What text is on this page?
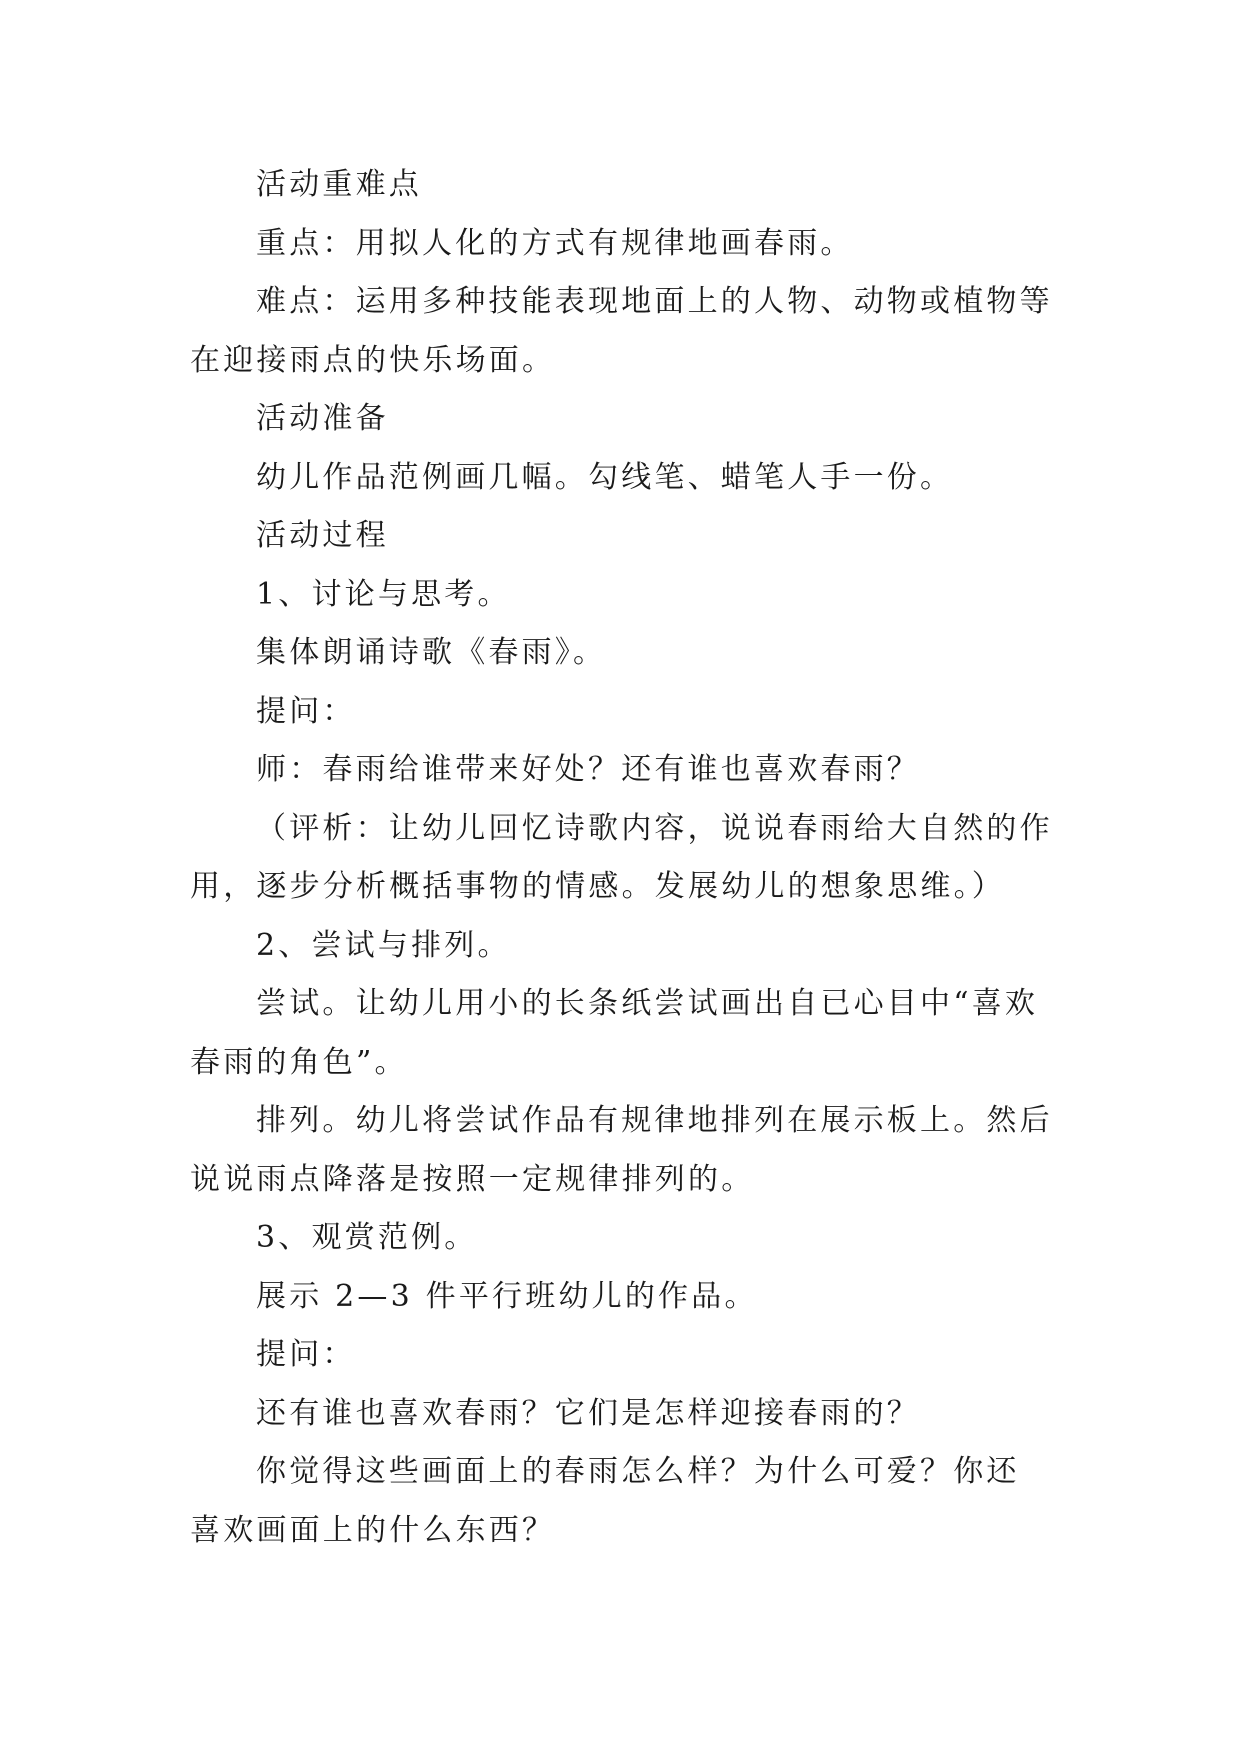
活动重难点
重点：用拟人化的方式有规律地画春雨。
难点：运用多种技能表现地面上的人物、动物或植物等
在迎接雨点的快乐场面。
活动准备
幼儿作品范例画几幅。勾线笔、蜡笔人手一份。
活动过程
1、讨论与思考。
集体朗诵诗歌《春雨》。
提问：
师：春雨给谁带来好处？还有谁也喜欢春雨？
（评析：让幼儿回忆诗歌内容，说说春雨给大自然的作
用，逐步分析概括事物的情感。发展幼儿的想象思维。）
2、尝试与排列。
尝试。让幼儿用小的长条纸尝试画出自已心目中“喜欢
春雨的角色”。
排列。幼儿将尝试作品有规律地排列在展示板上。然后
说说雨点降落是按照一定规律排列的。
3、观赏范例。
展示 2—3 件平行班幼儿的作品。
提问：
还有谁也喜欢春雨？它们是怎样迎接春雨的？
你觉得这些画面上的春雨怎么样？为什么可爱？你还
喜欢画面上的什么东西？
